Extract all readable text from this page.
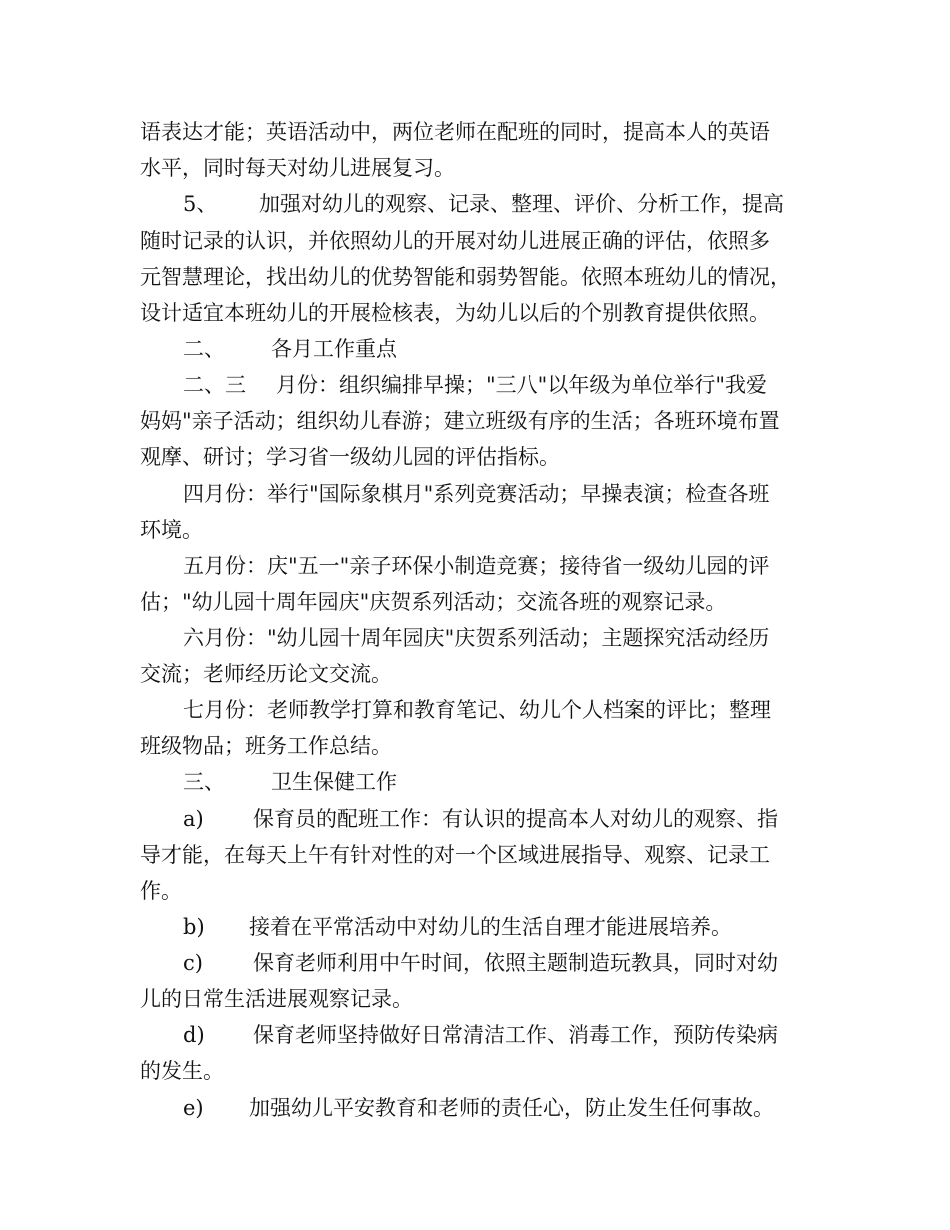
语表达才能；英语活动中，两位老师在配班的同时，提高本人的英语
水平，同时每天对幼儿进展复习。
5、 加强对幼儿的观察、记录、整理、评价、分析工作，提高
随时记录的认识，并依照幼儿的开展对幼儿进展正确的评估，依照多
元智慧理论，找出幼儿的优势智能和弱势智能。依照本班幼儿的情况，
设计适宜本班幼儿的开展检核表，为幼儿以后的个别教育提供依照。
二、 各月工作重点
二、三 月份：组织编排早操；"三八"以年级为单位举行"我爱
妈妈"亲子活动；组织幼儿春游；建立班级有序的生活；各班环境布置
观摩、研讨；学习省一级幼儿园的评估指标。
四月份：举行"国际象棋月"系列竞赛活动；早操表演；检查各班
环境。
五月份：庆"五一"亲子环保小制造竞赛；接待省一级幼儿园的评
估；"幼儿园十周年园庆"庆贺系列活动；交流各班的观察记录。
六月份："幼儿园十周年园庆"庆贺系列活动；主题探究活动经历
交流；老师经历论文交流。
七月份：老师教学打算和教育笔记、幼儿个人档案的评比；整理
班级物品；班务工作总结。
三、 卫生保健工作
a) 保育员的配班工作：有认识的提高本人对幼儿的观察、指
导才能，在每天上午有针对性的对一个区域进展指导、观察、记录工
作。
b) 接着在平常活动中对幼儿的生活自理才能进展培养。
c) 保育老师利用中午时间，依照主题制造玩教具，同时对幼
儿的日常生活进展观察记录。
d) 保育老师坚持做好日常清洁工作、消毒工作，预防传染病
的发生。
e) 加强幼儿平安教育和老师的责任心，防止发生任何事故。
